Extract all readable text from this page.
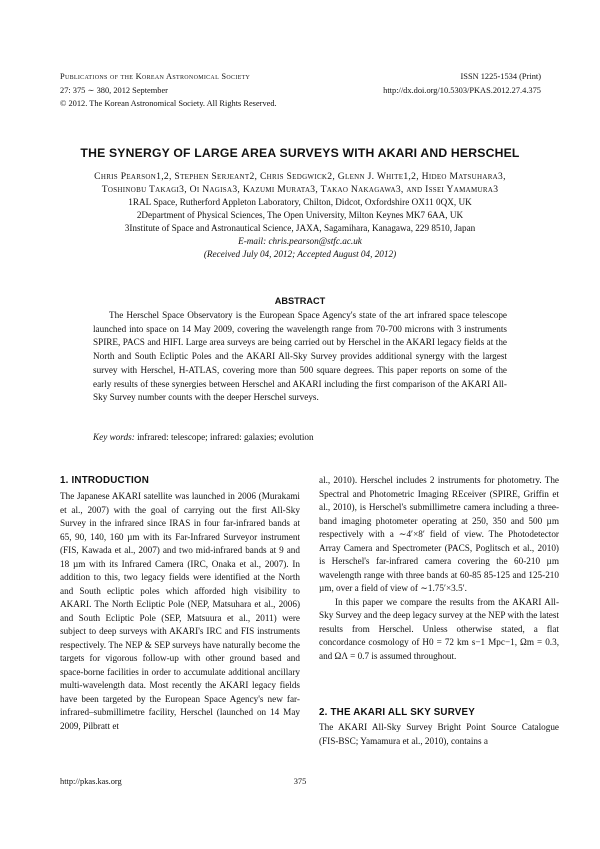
Publications of the Korean Astronomical Society
27: 375 ∼ 380, 2012 September
© 2012. The Korean Astronomical Society. All Rights Reserved.
ISSN 1225-1534 (Print)
http://dx.doi.org/10.5303/PKAS.2012.27.4.375
THE SYNERGY OF LARGE AREA SURVEYS WITH AKARI AND HERSCHEL
Chris Pearson1,2, Stephen Serjeant2, Chris Sedgwick2, Glenn J. White1,2, Hideo Matsuhara3,
Toshinobu Takagi3, Oi Nagisa3, Kazumi Murata3, Takao Nakagawa3, and Issei Yamamura3
1RAL Space, Rutherford Appleton Laboratory, Chilton, Didcot, Oxfordshire OX11 0QX, UK
2Department of Physical Sciences, The Open University, Milton Keynes MK7 6AA, UK
3Institute of Space and Astronautical Science, JAXA, Sagamihara, Kanagawa, 229 8510, Japan
E-mail: chris.pearson@stfc.ac.uk
(Received July 04, 2012; Accepted August 04, 2012)
ABSTRACT
The Herschel Space Observatory is the European Space Agency's state of the art infrared space telescope launched into space on 14 May 2009, covering the wavelength range from 70-700 microns with 3 instruments SPIRE, PACS and HIFI. Large area surveys are being carried out by Herschel in the AKARI legacy fields at the North and South Ecliptic Poles and the AKARI All-Sky Survey provides additional synergy with the largest survey with Herschel, H-ATLAS, covering more than 500 square degrees. This paper reports on some of the early results of these synergies between Herschel and AKARI including the first comparison of the AKARI All-Sky Survey number counts with the deeper Herschel surveys.
Key words: infrared: telescope; infrared: galaxies; evolution
1. INTRODUCTION

The Japanese AKARI satellite was launched in 2006 (Murakami et al., 2007) with the goal of carrying out the first All-Sky Survey in the infrared since IRAS in four far-infrared bands at 65, 90, 140, 160 µm with its Far-Infrared Surveyor instrument (FIS, Kawada et al., 2007) and two mid-infrared bands at 9 and 18 µm with its Infrared Camera (IRC, Onaka et al., 2007). In addition to this, two legacy fields were identified at the North and South ecliptic poles which afforded high visibility to AKARI. The North Ecliptic Pole (NEP, Matsuhara et al., 2006) and South Ecliptic Pole (SEP, Matsuura et al., 2011) were subject to deep surveys with AKARI's IRC and FIS instruments respectively. The NEP & SEP surveys have naturally become the targets for vigorous follow-up with other ground based and space-borne facilities in order to accumulate additional ancillary multi-wavelength data. Most recently the AKARI legacy fields have been targeted by the European Space Agency's new far-infrared–submillimetre facility, Herschel (launched on 14 May 2009, Pilbratt et

al., 2010). Herschel includes 2 instruments for photometry. The Spectral and Photometric Imaging REceiver (SPIRE, Griffin et al., 2010), is Herschel's submillimetre camera including a three-band imaging photometer operating at 250, 350 and 500 µm respectively with a ∼4′×8′ field of view. The Photodetector Array Camera and Spectrometer (PACS, Poglitsch et al., 2010) is Herschel's far-infrared camera covering the 60-210 µm wavelength range with three bands at 60-85 85-125 and 125-210 µm, over a field of view of ∼1.75′×3.5′.

In this paper we compare the results from the AKARI All-Sky Survey and the deep legacy survey at the NEP with the latest results from Herschel. Unless otherwise stated, a flat concordance cosmology of H0 = 72 km s−1 Mpc−1, Ωm = 0.3, and ΩΛ = 0.7 is assumed throughout.

2. THE AKARI ALL SKY SURVEY

The AKARI All-Sky Survey Bright Point Source Catalogue (FIS-BSC; Yamamura et al., 2010), contains a

http://pkas.kas.org	375
